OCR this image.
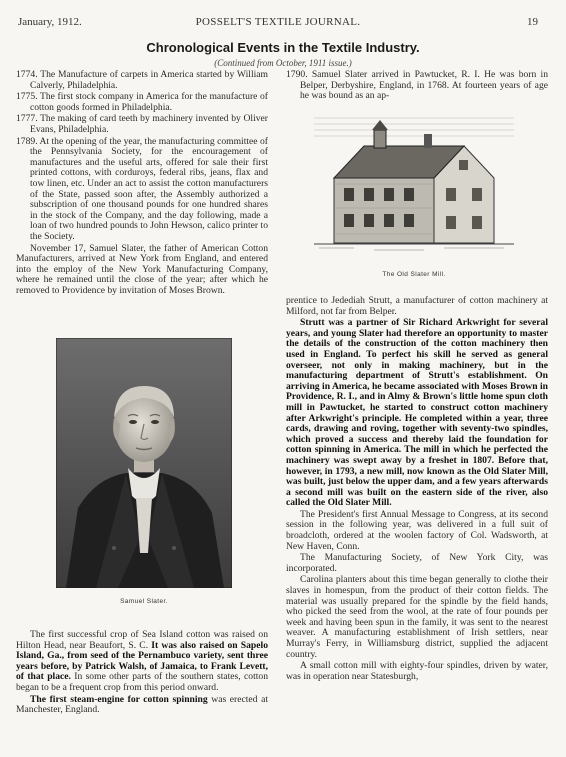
January, 1912.	POSSELT'S TEXTILE JOURNAL.	19
Chronological Events in the Textile Industry.
(Continued from October, 1911 issue.)

1774. The Manufacture of carpets in America started by William Calverly, Philadelphia.

1775. The first stock company in America for the manufacture of cotton goods formed in Philadelphia.

1777. The making of card teeth by machinery invented by Oliver Evans, Philadelphia.

1789. At the opening of the year, the manufacturing committee of the Pennsylvania Society, for the encouragement of manufactures and the useful arts, offered for sale their first printed cottons, with corduroys, federal ribs, jeans, flax and tow linen, etc. Under an act to assist the cotton manufacturers of the State, passed soon after, the Assembly authorized a subscription of one thousand pounds for one hundred shares in the stock of the Company, and the day following, made a loan of two hundred pounds to John Hewson, calico printer to the Society.

November 17, Samuel Slater, the father of American Cotton Manufacturers, arrived at New York from England, and entered into the employ of the New York Manufacturing Company, where he remained until the close of the year; after which he removed to Providence by invitation of Moses Brown.

Samuel Slater.

The first successful crop of Sea Island cotton was raised on Hilton Head, near Beaufort, S. C. It was also raised on Sapelo Island, Ga., from seed of the Pernambuco variety, sent three years before, by Patrick Walsh, of Jamaica, to Frank Levett, of that place. In some other parts of the southern states, cotton began to be a frequent crop from this period onward.

The first steam-engine for cotton spinning was erected at Manchester, England.

1790. Samuel Slater arrived in Pawtucket, R. I. He was born in Belper, Derbyshire, England, in 1768. At fourteen years of age he was bound as an ap-

The Old Slater Mill.

prentice to Jedediah Strutt, a manufacturer of cotton machinery at Milford, not far from Belper.

Strutt was a partner of Sir Richard Arkwright for several years, and young Slater had therefore an opportunity to master the details of the construction of the cotton machinery then used in England. To perfect his skill he served as general overseer, not only in making machinery, but in the manufacturing department of Strutt's establishment. On arriving in America, he became associated with Moses Brown in Providence, R. I., and in Almy & Brown's little home spun cloth mill in Pawtucket, he started to construct cotton machinery after Arkwright's principle. He completed within a year, three cards, drawing and roving, together with seventy-two spindles, which proved a success and thereby laid the foundation for cotton spinning in America. The mill in which he perfected the machinery was swept away by a freshet in 1807. Before that, however, in 1793, a new mill, now known as the Old Slater Mill, was built, just below the upper dam, and a few years afterwards a second mill was built on the eastern side of the river, also called the Old Slater Mill.

The President's first Annual Message to Congress, at its second session in the following year, was delivered in a full suit of broadcloth, ordered at the woolen factory of Col. Wadsworth, at New Haven, Conn.

The Manufacturing Society, of New York City, was incorporated.

Carolina planters about this time began generally to clothe their slaves in homespun, from the product of their cotton fields. The material was usually prepared for the spindle by the field hands, who picked the seed from the wool, at the rate of four pounds per week and having been spun in the family, it was sent to the nearest weaver. A manufacturing establishment of Irish settlers, near Murray's Ferry, in Williamsburg district, supplied the adjacent country.

A small cotton mill with eighty-four spindles, driven by water, was in operation near Statesburgh,
